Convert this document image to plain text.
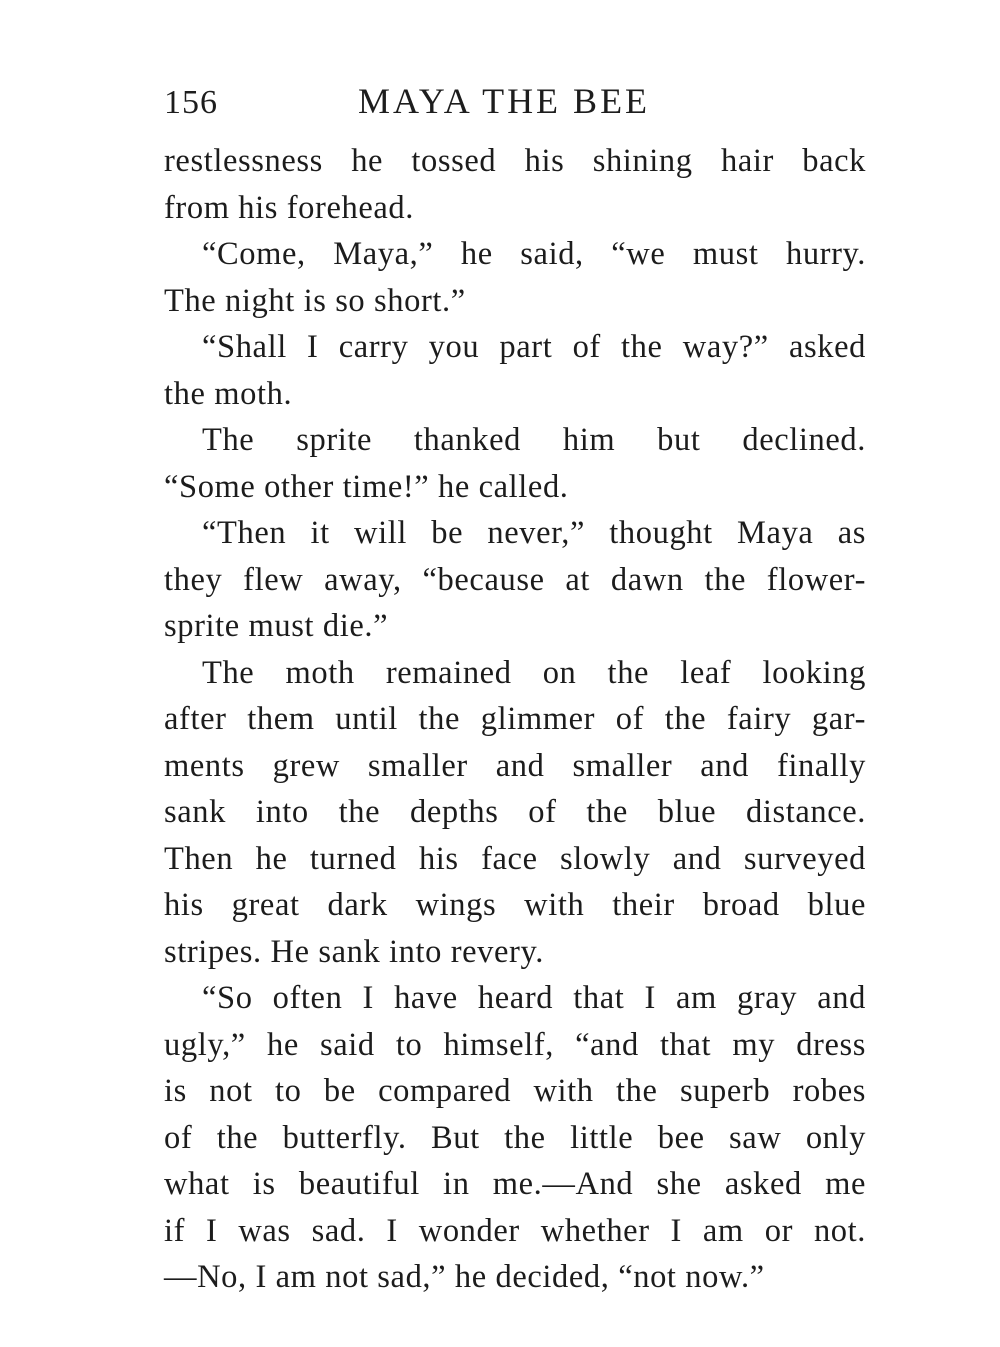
156	MAYA THE BEE
restlessness he tossed his shining hair back
from his forehead.
“Come, Maya,” he said, “we must hurry.
The night is so short.”
“Shall I carry you part of the way?” asked
the moth.
The sprite thanked him but declined.
“Some other time!” he called.
“Then it will be never,” thought Maya as
they flew away, “because at dawn the flower-
sprite must die.”
The moth remained on the leaf looking
after them until the glimmer of the fairy gar-
ments grew smaller and smaller and finally
sank into the depths of the blue distance.
Then he turned his face slowly and surveyed
his great dark wings with their broad blue
stripes. He sank into revery.
“So often I have heard that I am gray and
ugly,” he said to himself, “and that my dress
is not to be compared with the superb robes
of the butterfly. But the little bee saw only
what is beautiful in me.—And she asked me
if I was sad. I wonder whether I am or not.
—No, I am not sad,” he decided, “not now.”
